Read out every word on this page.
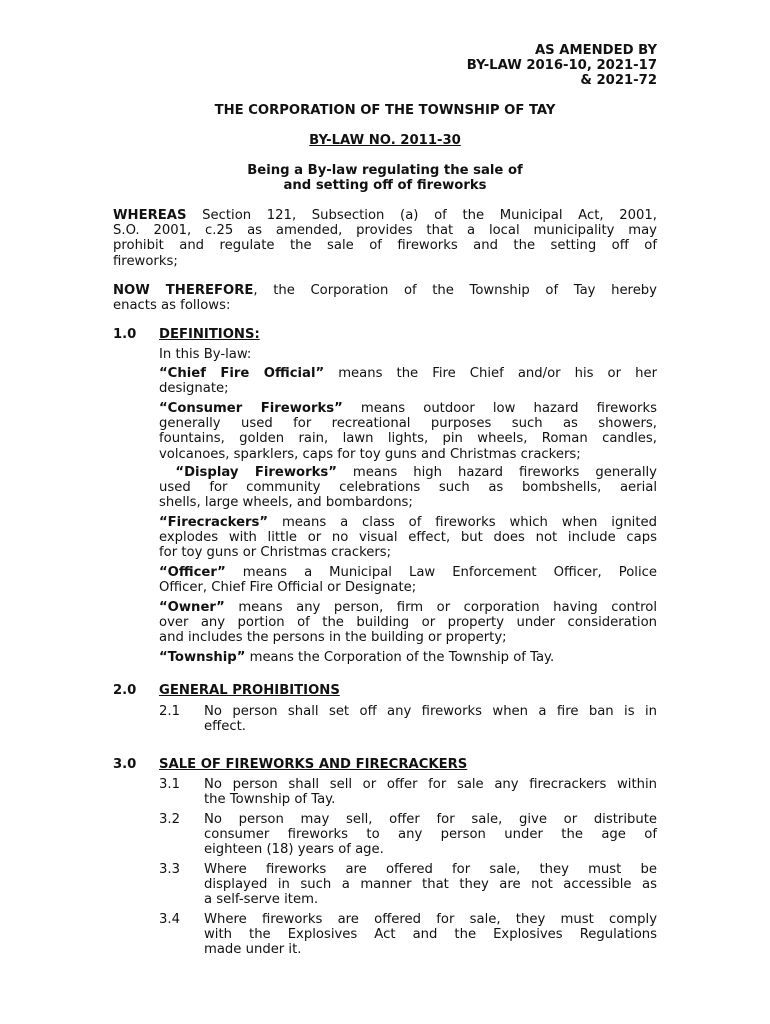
AS AMENDED BY
BY-LAW 2016-10, 2021-17
& 2021-72
THE CORPORATION OF THE TOWNSHIP OF TAY
BY-LAW NO. 2011-30
Being a By-law regulating the sale of
and setting off of fireworks
WHEREAS Section 121, Subsection (a) of the Municipal Act, 2001,
S.O. 2001, c.25 as amended, provides that a local municipality may
prohibit and regulate the sale of fireworks and the setting off of
fireworks;
NOW THEREFORE, the Corporation of the Township of Tay hereby
enacts as follows:
1.0 DEFINITIONS:
In this By-law:
“Chief Fire Official” means the Fire Chief and/or his or her
designate;
“Consumer Fireworks” means outdoor low hazard fireworks
generally used for recreational purposes such as showers,
fountains, golden rain, lawn lights, pin wheels, Roman candles,
volcanoes, sparklers, caps for toy guns and Christmas crackers;
“Display Fireworks” means high hazard fireworks generally
used for community celebrations such as bombshells, aerial
shells, large wheels, and bombardons;
“Firecrackers” means a class of fireworks which when ignited
explodes with little or no visual effect, but does not include caps
for toy guns or Christmas crackers;
“Officer” means a Municipal Law Enforcement Officer, Police
Officer, Chief Fire Official or Designate;
“Owner” means any person, firm or corporation having control
over any portion of the building or property under consideration
and includes the persons in the building or property;
“Township” means the Corporation of the Township of Tay.
2.0 GENERAL PROHIBITIONS
2.1 No person shall set off any fireworks when a fire ban is in
effect.
3.0 SALE OF FIREWORKS AND FIRECRACKERS
3.1 No person shall sell or offer for sale any firecrackers within
the Township of Tay.
3.2 No person may sell, offer for sale, give or distribute
consumer fireworks to any person under the age of
eighteen (18) years of age.
3.3 Where fireworks are offered for sale, they must be
displayed in such a manner that they are not accessible as
a self-serve item.
3.4 Where fireworks are offered for sale, they must comply
with the Explosives Act and the Explosives Regulations
made under it.
